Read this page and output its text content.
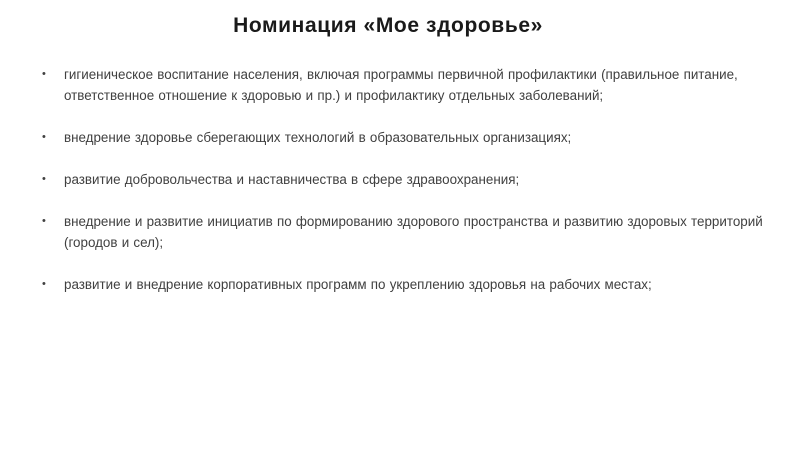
Номинация «Мое здоровье»
• гигиеническое воспитание населения, включая программы первичной профилактики (правильное питание, ответственное отношение к здоровью и пр.) и профилактику отдельных заболеваний;
• внедрение здоровье сберегающих технологий в образовательных организациях;
• развитие добровольчества и наставничества в сфере здравоохранения;
• внедрение и развитие инициатив по формированию здорового пространства и развитию здоровых территорий (городов и сел);
• развитие и внедрение корпоративных программ по укреплению здоровья на рабочих местах;
